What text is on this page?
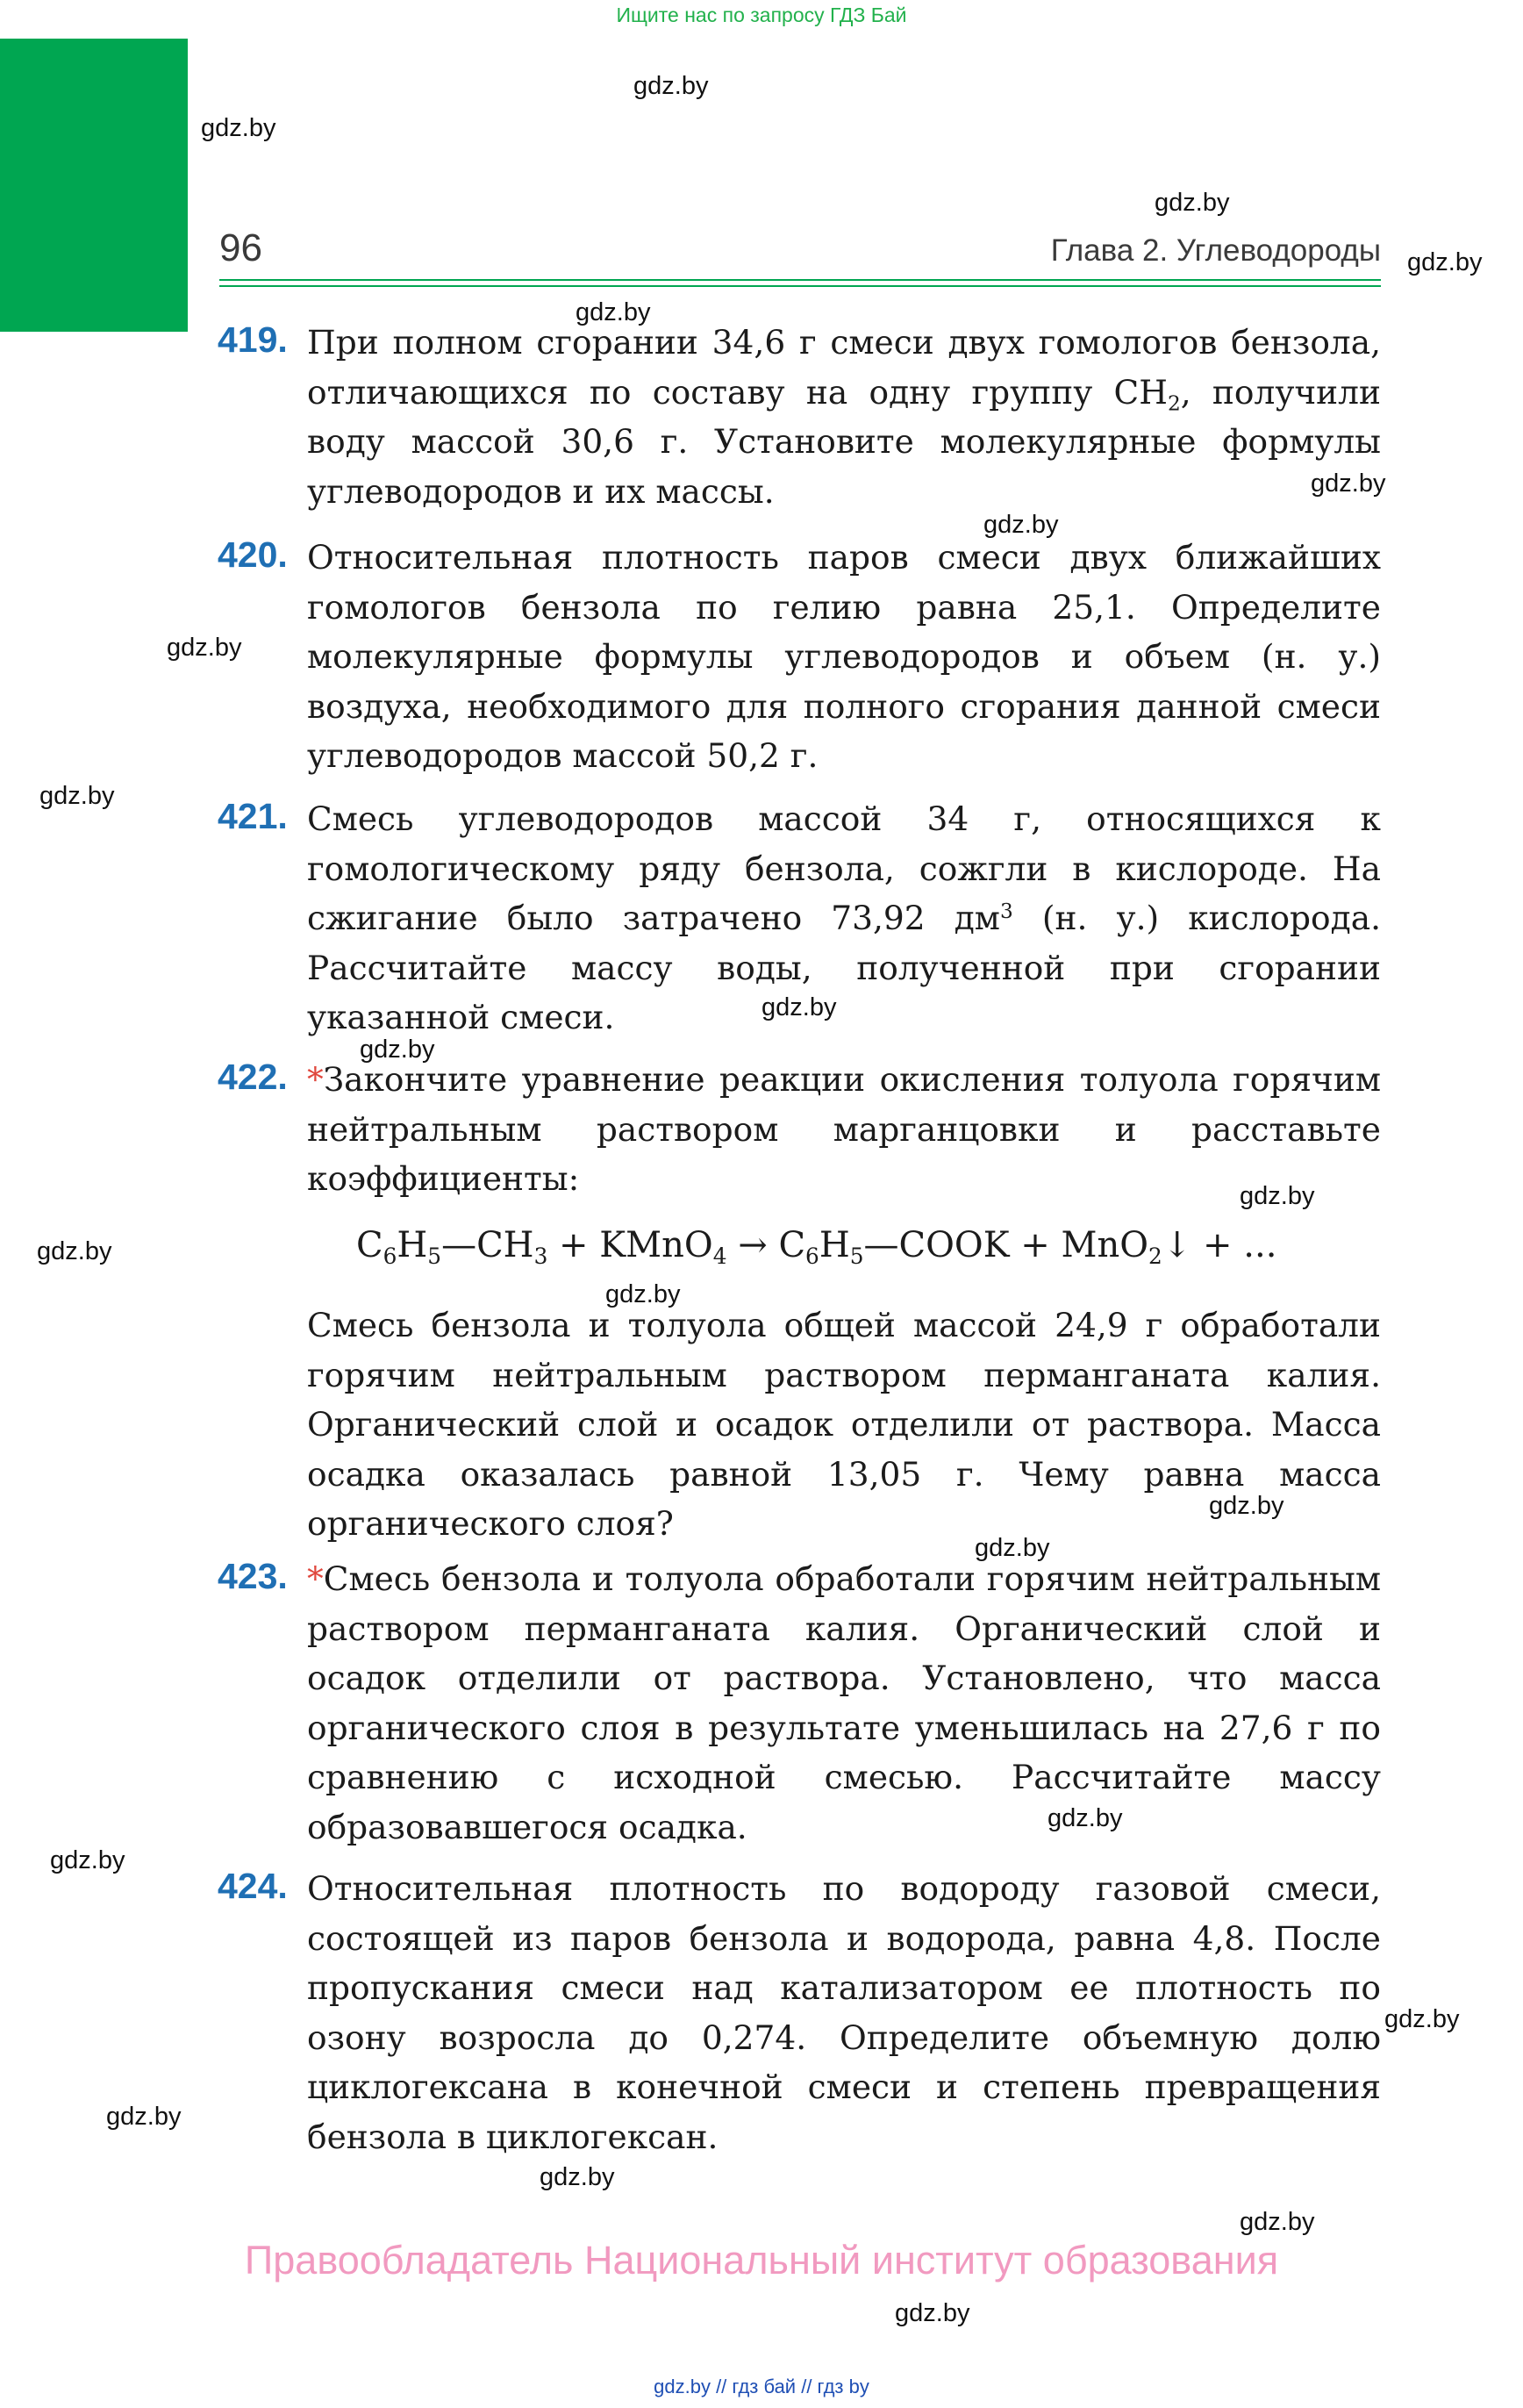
Ищите нас по запросу ГДЗ Бай
96	Глава 2. Углеводороды
419. При полном сгорании 34,6 г смеси двух гомологов бензола, отличающихся по составу на одну группу $CH_2$, получили воду массой 30,6 г. Установите молекулярные формулы углеводородов и их массы.
420. Относительная плотность паров смеси двух ближайших гомологов бензола по гелию равна 25,1. Определите молекулярные формулы углеводородов и объем (н. у.) воздуха, необходимого для полного сгорания данной смеси углеводородов массой 50,2 г.
421. Смесь углеводородов массой 34 г, относящихся к гомологическому ряду бензола, сожгли в кислороде. На сжигание было затрачено 73,92 $дм^3$ (н. у.) кислорода. Рассчитайте массу воды, полученной при сгорании указанной смеси.
422. *Закончите уравнение реакции окисления толуола горячим нейтральным раствором марганцовки и расставьте коэффициенты:
$C_6H_5—CH_3$ + KMnO$_4$ → $C_6H_5—COOK$ + MnO$_2$↓ + ...
Смесь бензола и толуола общей массой 24,9 г обработали горячим нейтральным раствором перманганата калия. Органический слой и осадок отделили от раствора. Масса осадка оказалась равной 13,05 г. Чему равна масса органического слоя?
423. *Смесь бензола и толуола обработали горячим нейтральным раствором перманганата калия. Органический слой и осадок отделили от раствора. Установлено, что масса органического слоя в результате уменьшилась на 27,6 г по сравнению с исходной смесью. Рассчитайте массу образовавшегося осадка.
424. Относительная плотность по водороду газовой смеси, состоящей из паров бензола и водорода, равна 4,8. После пропускания смеси над катализатором ее плотность по озону возросла до 0,274. Определите объемную долю циклогексана в конечной смеси и степень превращения бензола в циклогексан.
Правообладатель Национальный институт образования
gdz.by // гдз бай // гдз by
gdz.by
gdz.by
gdz.by
gdz.by
gdz.by
gdz.by
gdz.by
gdz.by
gdz.by
gdz.by
gdz.by
gdz.by
gdz.by
gdz.by
gdz.by
gdz.by
gdz.by
gdz.by
gdz.by
gdz.by
gdz.by
gdz.by
gdz.by
